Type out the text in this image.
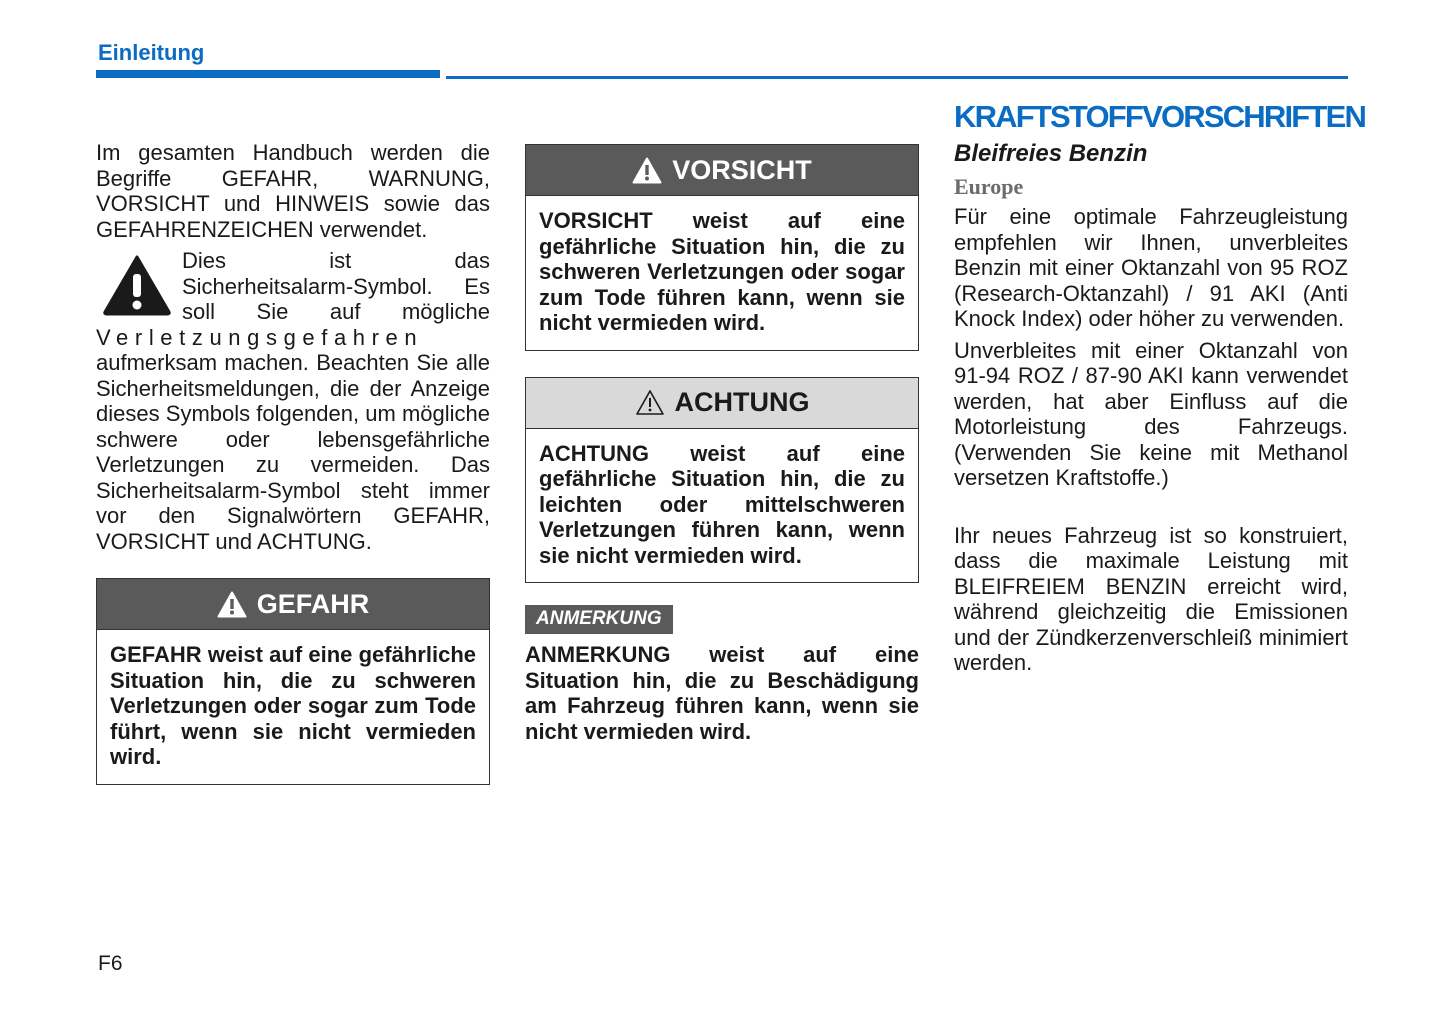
Einleitung

Im gesamten Handbuch werden die Begriffe GEFAHR, WARNUNG, VORSICHT und HINWEIS sowie das GEFAHRENZEICHEN verwendet.

Dies ist das

Sicherheitsalarm-Symbol. Es

soll Sie auf mögliche

Verletzungsgefahren

aufmerksam machen. Beachten Sie alle Sicherheitsmeldungen, die der Anzeige dieses Symbols folgenden, um mögliche schwere oder lebensgefährliche Verletzungen zu vermeiden. Das Sicherheitsalarm-Symbol steht immer vor den Signalwörtern GEFAHR, VORSICHT und ACHTUNG.

GEFAHR
GEFAHR weist auf eine gefährliche Situation hin, die zu schweren Verletzungen oder sogar zum Tode führt, wenn sie nicht vermieden wird.
VORSICHT
VORSICHT weist auf eine gefährliche Situation hin, die zu schweren Verletzungen oder sogar zum Tode führen kann, wenn sie nicht vermieden wird.
ACHTUNG
ACHTUNG weist auf eine gefährliche Situation hin, die zu leichten oder mittelschweren Verletzungen führen kann, wenn sie nicht vermieden wird.
ANMERKUNG

ANMERKUNG weist auf eine Situation hin, die zu Beschädigung am Fahrzeug führen kann, wenn sie nicht vermieden wird.

KRAFTSTOFFVORSCHRIFTEN
Bleifreies Benzin
Europe

Für eine optimale Fahrzeugleistung empfehlen wir Ihnen, unverbleites Benzin mit einer Oktanzahl von 95 ROZ (Research-Oktanzahl) / 91 AKI (Anti Knock Index) oder höher zu verwenden.

Unverbleites mit einer Oktanzahl von 91-94 ROZ / 87-90 AKI kann verwendet werden, hat aber Einfluss auf die Motorleistung des Fahrzeugs. (Verwenden Sie keine mit Methanol versetzen Kraftstoffe.)

Ihr neues Fahrzeug ist so konstruiert, dass die maximale Leistung mit BLEIFREIEM BENZIN erreicht wird, während gleichzeitig die Emissionen und der Zündkerzenverschleiß minimiert werden.

F6
